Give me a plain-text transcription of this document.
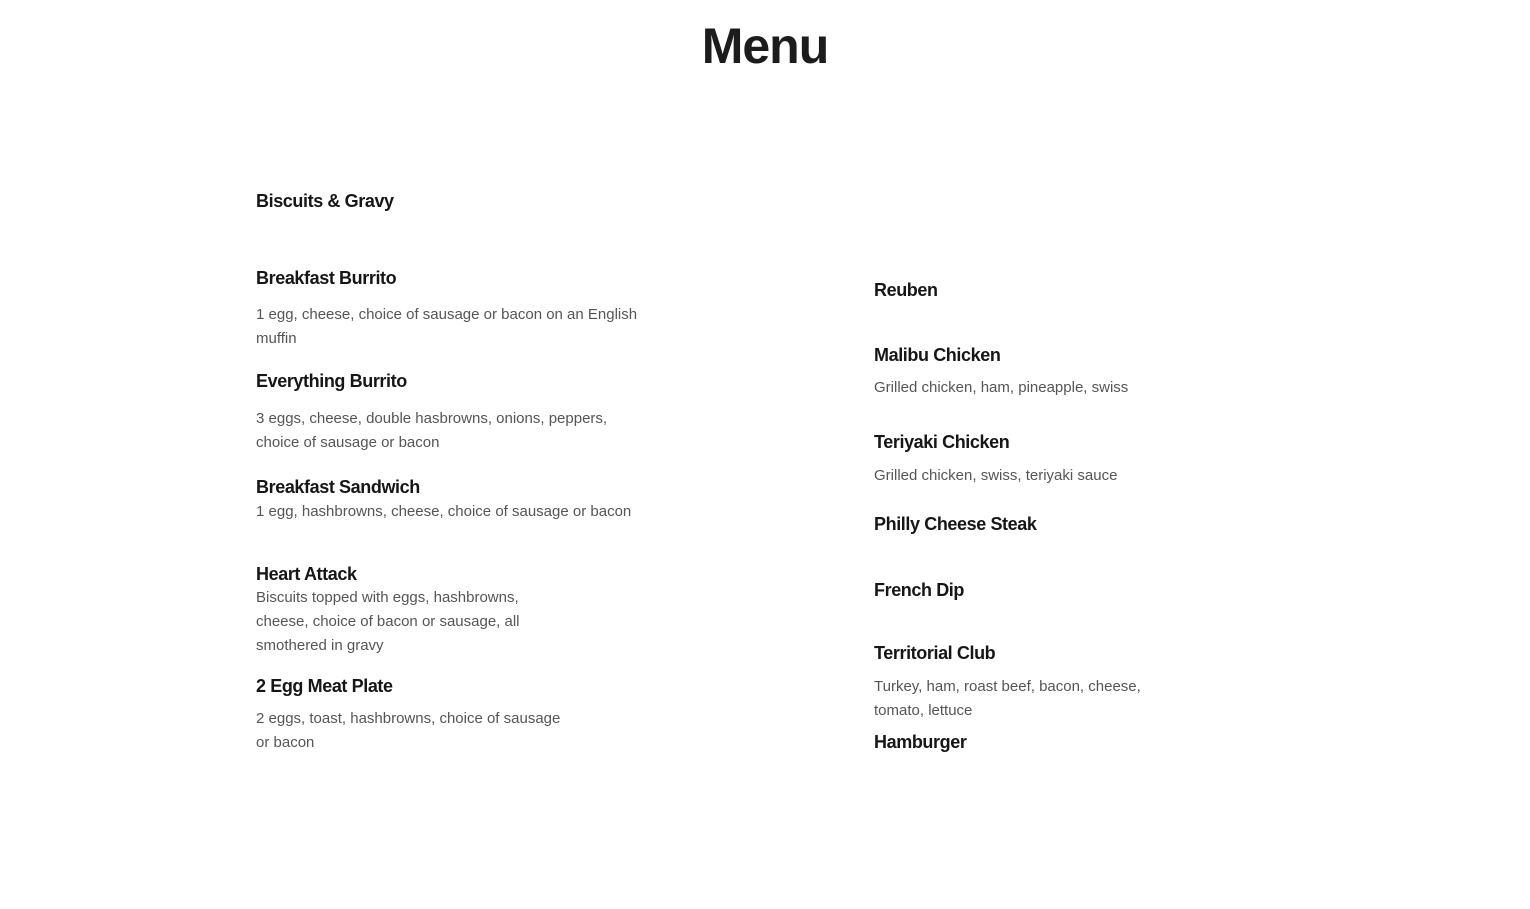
Menu
Biscuits & Gravy
Breakfast Burrito
1 egg, cheese, choice of sausage or bacon on an English muffin
Everything Burrito
3 eggs, cheese, double hasbrowns, onions, peppers, choice of sausage or bacon
Breakfast Sandwich
1 egg, hashbrowns, cheese, choice of sausage or bacon
Heart Attack
Biscuits topped with eggs, hashbrowns, cheese, choice of bacon or sausage, all smothered in gravy
2 Egg Meat Plate
2 eggs, toast, hashbrowns, choice of sausage or bacon
Reuben
Malibu Chicken
Grilled chicken, ham, pineapple, swiss
Teriyaki Chicken
Grilled chicken, swiss, teriyaki sauce
Philly Cheese Steak
French Dip
Territorial Club
Turkey, ham, roast beef, bacon, cheese, tomato, lettuce
Hamburger
